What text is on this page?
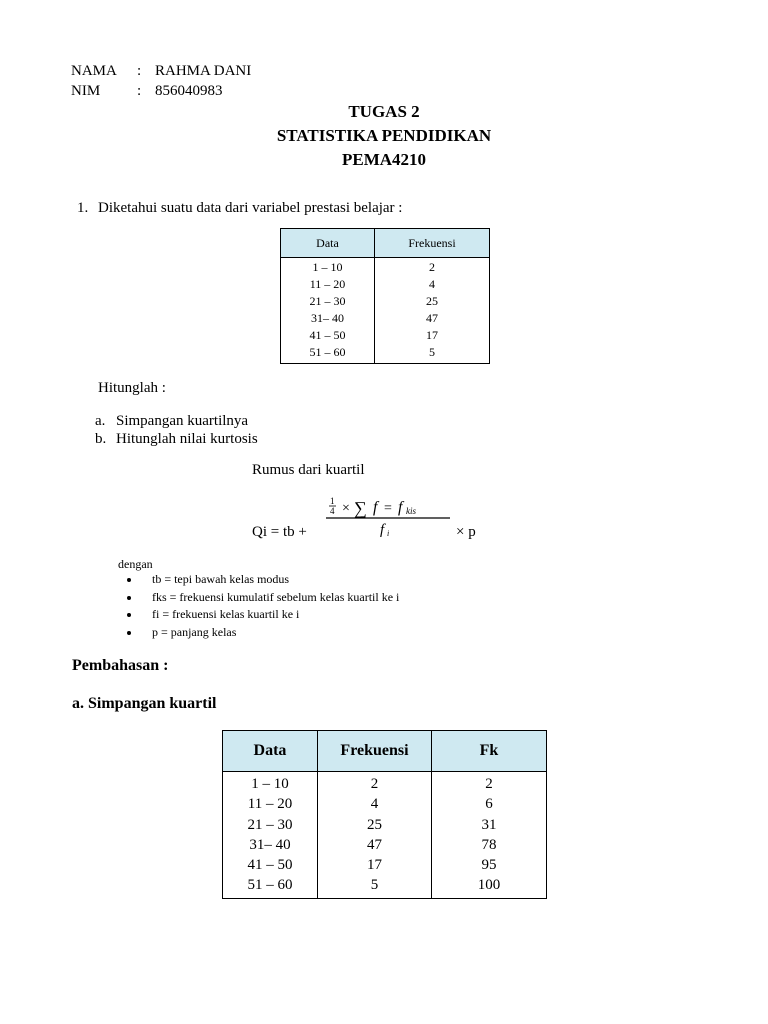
NAMA : RAHMA DANI
NIM : 856040983
TUGAS 2
STATISTIKA PENDIDIKAN
PEMA4210
1. Diketahui suatu data dari variabel prestasi belajar :
Data	Frekuensi
1 – 10	2
11 – 20	4
21 – 30	25
31– 40	47
41 – 50	17
51 – 60	5
Hitunglah :
a. Simpangan kuartilnya
b. Hitunglah nilai kurtosis
Rumus dari kuartil
Qi = tb +
1
4 × ∑ f = f kis
f i	× p
dengan
tb = tepi bawah kelas modus
fks = frekuensi kumulatif sebelum kelas kuartil ke i
fi = frekuensi kelas kuartil ke i
p = panjang kelas
Pembahasan :
a. Simpangan kuartil
Data	Frekuensi	Fk
1 – 10	2	2
11 – 20	4	6
21 – 30	25	31
31– 40	47	78
41 – 50	17	95
51 – 60	5	100
